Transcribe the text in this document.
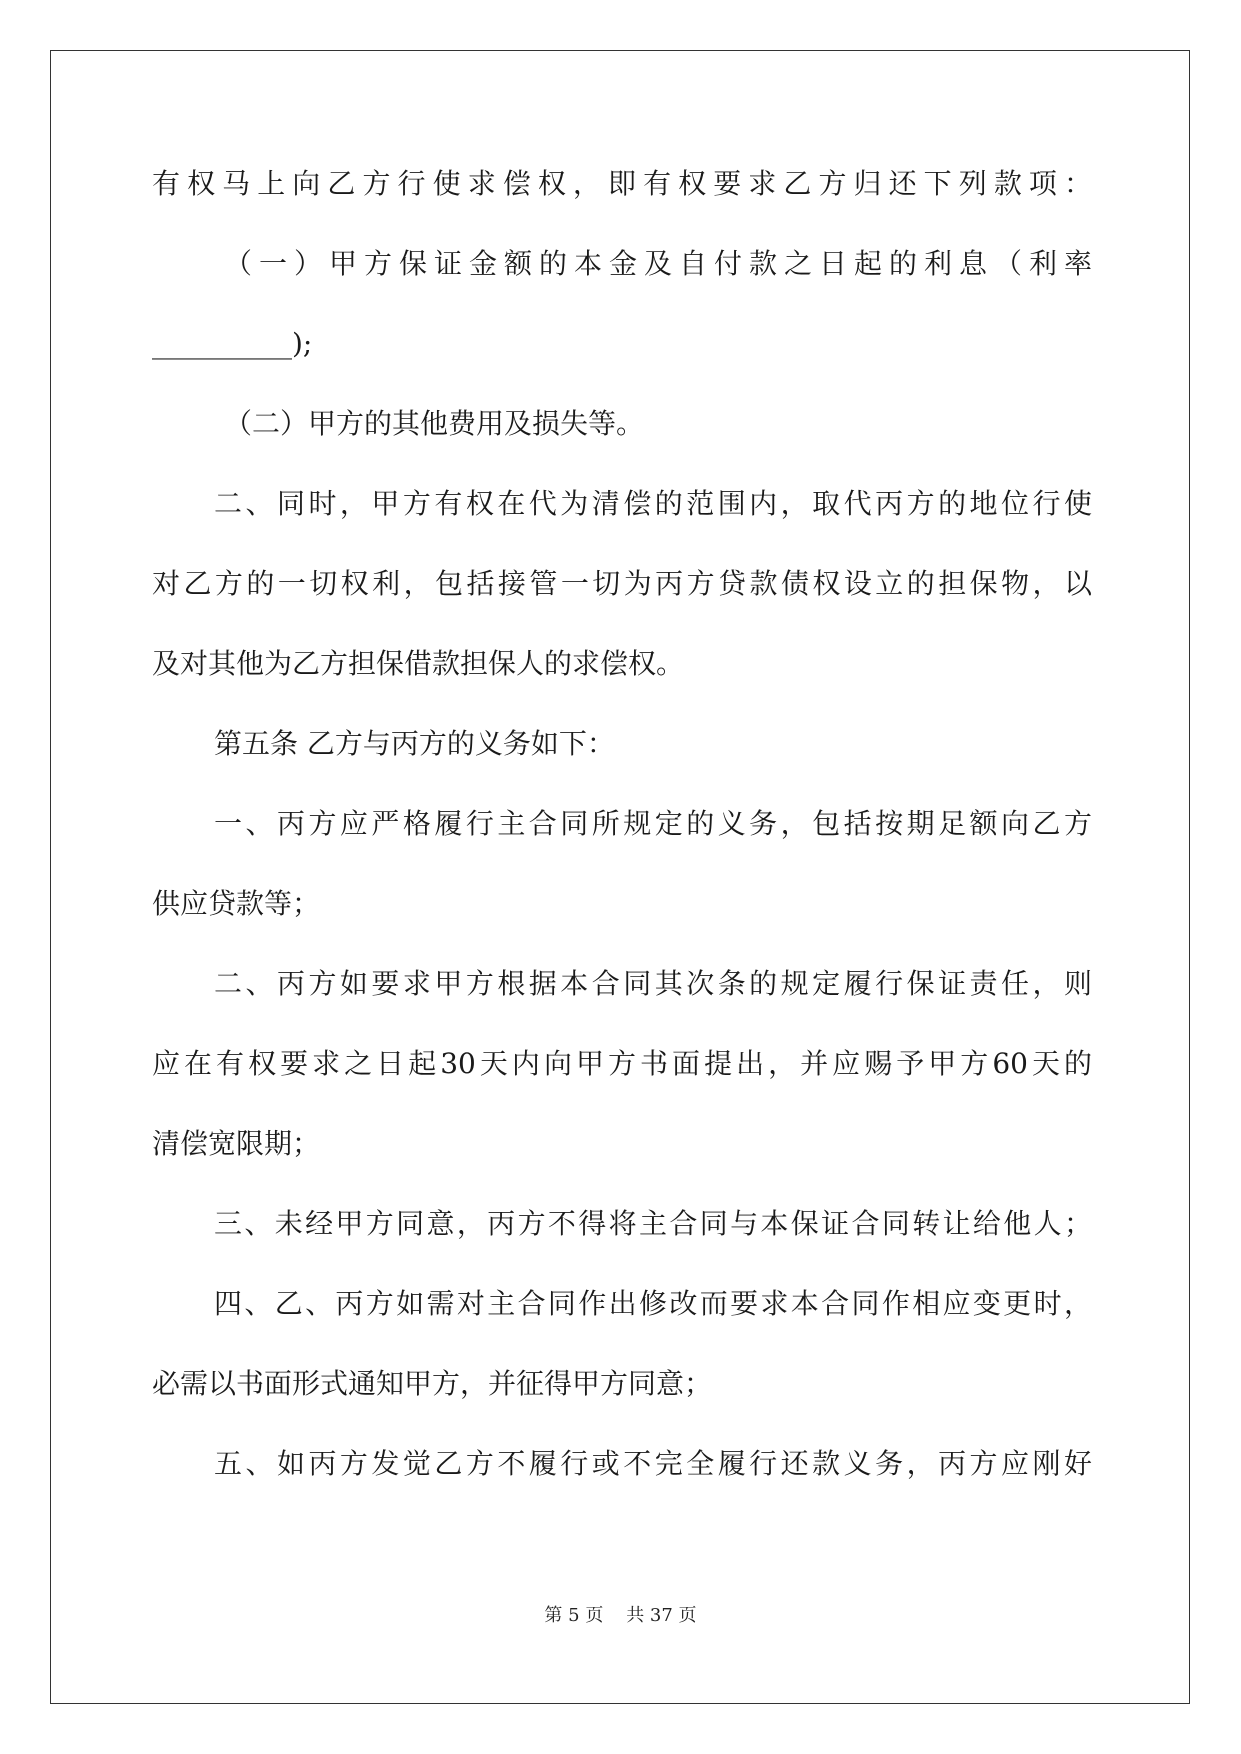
有权马上向乙方行使求偿权，即有权要求乙方归还下列款项：
（一）甲方保证金额的本金及自付款之日起的利息（利率
__________);
（二）甲方的其他费用及损失等。
二、同时，甲方有权在代为清偿的范围内，取代丙方的地位行使
对乙方的一切权利，包括接管一切为丙方贷款债权设立的担保物，以
及对其他为乙方担保借款担保人的求偿权。
第五条 乙方与丙方的义务如下：
一、丙方应严格履行主合同所规定的义务，包括按期足额向乙方
供应贷款等；
二、丙方如要求甲方根据本合同其次条的规定履行保证责任，则
应在有权要求之日起30天内向甲方书面提出，并应赐予甲方60天的
清偿宽限期；
三、未经甲方同意，丙方不得将主合同与本保证合同转让给他人；
四、乙、丙方如需对主合同作出修改而要求本合同作相应变更时，
必需以书面形式通知甲方，并征得甲方同意；
五、如丙方发觉乙方不履行或不完全履行还款义务，丙方应刚好
第 5 页    共 37 页
